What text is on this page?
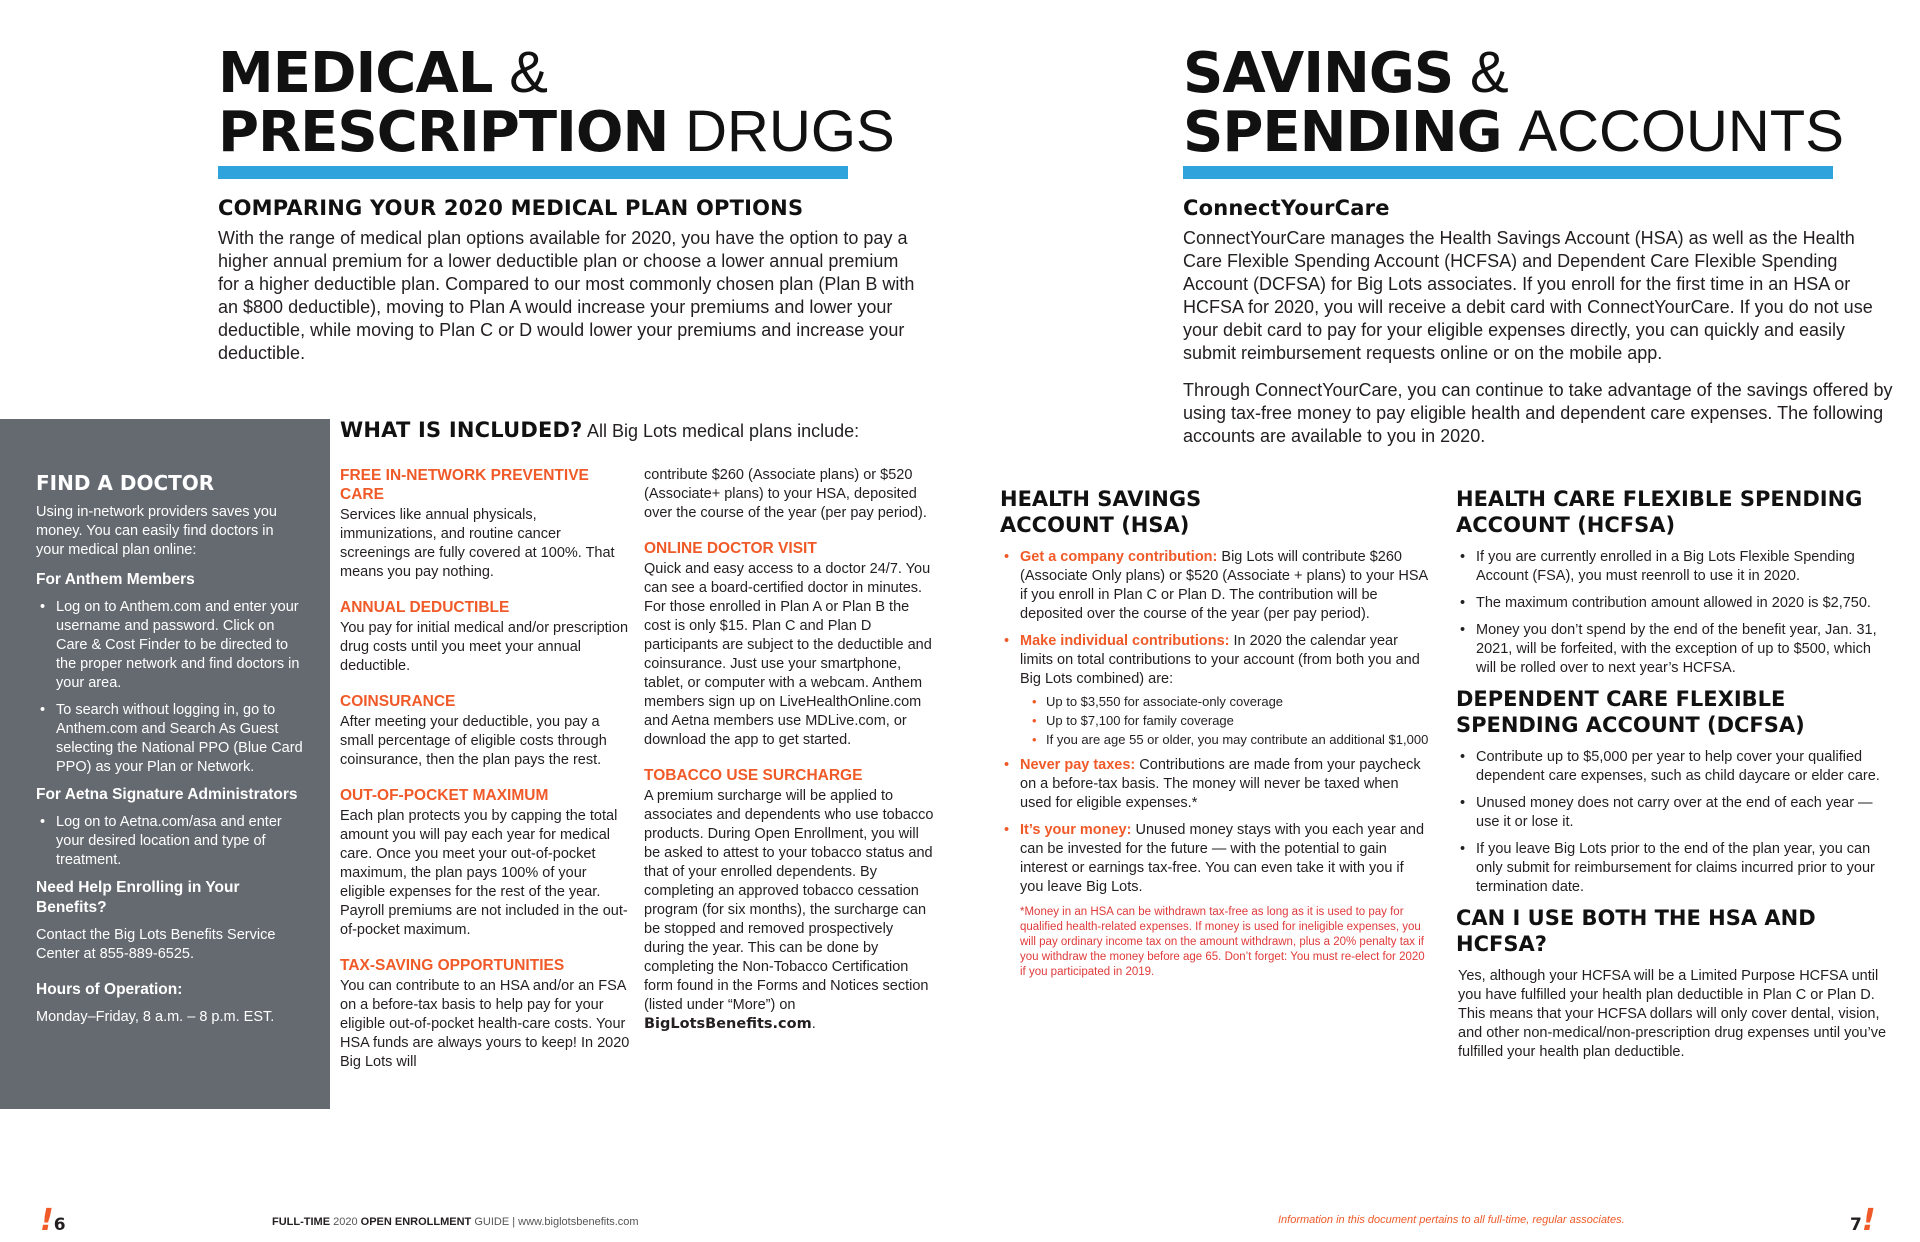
MEDICAL &
PRESCRIPTION DRUGS
COMPARING YOUR 2020 MEDICAL PLAN OPTIONS

With the range of medical plan options available for 2020, you have the option to pay a higher annual premium for a lower deductible plan or choose a lower annual premium for a higher deductible plan. Compared to our most commonly chosen plan (Plan B with an $800 deductible), moving to Plan A would increase your premiums and lower your deductible, while moving to Plan C or D would lower your premiums and increase your deductible.

FIND A DOCTOR

Using in-network providers saves you money. You can easily find doctors in your medical plan online:

For Anthem Members
• Log on to Anthem.com and enter your username and password. Click on Care & Cost Finder to be directed to the proper network and find doctors in your area.
• To search without logging in, go to Anthem.com and Search As Guest selecting the National PPO (Blue Card PPO) as your Plan or Network.
For Aetna Signature Administrators
• Log on to Aetna.com/asa and enter your desired location and type of treatment.
Need Help Enrolling in Your Benefits?

Contact the Big Lots Benefits Service Center at 855-889-6525.

Hours of Operation:

Monday–Friday, 8 a.m. – 8 p.m. EST.

WHAT IS INCLUDED? All Big Lots medical plans include:

FREE IN-NETWORK PREVENTIVE CARE

Services like annual physicals, immunizations, and routine cancer screenings are fully covered at 100%. That means you pay nothing.

ANNUAL DEDUCTIBLE

You pay for initial medical and/or prescription drug costs until you meet your annual deductible.

COINSURANCE

After meeting your deductible, you pay a small percentage of eligible costs through coinsurance, then the plan pays the rest.

OUT-OF-POCKET MAXIMUM

Each plan protects you by capping the total amount you will pay each year for medical care. Once you meet your out-of-pocket maximum, the plan pays 100% of your eligible expenses for the rest of the year. Payroll premiums are not included in the out-of-pocket maximum.

TAX-SAVING OPPORTUNITIES

You can contribute to an HSA and/or an FSA on a before-tax basis to help pay for your eligible out-of-pocket health-care costs. Your HSA funds are always yours to keep! In 2020 Big Lots will

contribute $260 (Associate plans) or $520 (Associate+ plans) to your HSA, deposited over the course of the year (per pay period).

ONLINE DOCTOR VISIT

Quick and easy access to a doctor 24/7. You can see a board-certified doctor in minutes. For those enrolled in Plan A or Plan B the cost is only $15. Plan C and Plan D participants are subject to the deductible and coinsurance. Just use your smartphone, tablet, or computer with a webcam. Anthem members sign up on LiveHealthOnline.com and Aetna members use MDLive.com, or download the app to get started.

TOBACCO USE SURCHARGE

A premium surcharge will be applied to associates and dependents who use tobacco products. During Open Enrollment, you will be asked to attest to your tobacco status and that of your enrolled dependents. By completing an approved tobacco cessation program (for six months), the surcharge can be stopped and removed prospectively during the year. This can be done by completing the Non-Tobacco Certification form found in the Forms and Notices section (listed under “More”) on BigLotsBenefits.com.

!6	FULL-TIME 2020 OPEN ENROLLMENT GUIDE | www.biglotsbenefits.com
SAVINGS &
SPENDING ACCOUNTS
ConnectYourCare

ConnectYourCare manages the Health Savings Account (HSA) as well as the Health Care Flexible Spending Account (HCFSA) and Dependent Care Flexible Spending Account (DCFSA) for Big Lots associates. If you enroll for the first time in an HSA or HCFSA for 2020, you will receive a debit card with ConnectYourCare. If you do not use your debit card to pay for your eligible expenses directly, you can quickly and easily submit reimbursement requests online or on the mobile app.

Through ConnectYourCare, you can continue to take advantage of the savings offered by using tax-free money to pay eligible health and dependent care expenses. The following accounts are available to you in 2020.

HEALTH SAVINGS ACCOUNT (HSA)
• Get a company contribution: Big Lots will contribute $260 (Associate Only plans) or $520 (Associate + plans) to your HSA if you enroll in Plan C or Plan D. The contribution will be deposited over the course of the year (per pay period).
• Make individual contributions: In 2020 the calendar year limits on total contributions to your account (from both you and Big Lots combined) are:
• Up to $3,550 for associate-only coverage
• Up to $7,100 for family coverage
• If you are age 55 or older, you may contribute an additional $1,000
• Never pay taxes: Contributions are made from your paycheck on a before-tax basis. The money will never be taxed when used for eligible expenses.*
• It’s your money: Unused money stays with you each year and can be invested for the future — with the potential to gain interest or earnings tax-free. You can even take it with you if you leave Big Lots.

*Money in an HSA can be withdrawn tax-free as long as it is used to pay for qualified health-related expenses. If money is used for ineligible expenses, you will pay ordinary income tax on the amount withdrawn, plus a 20% penalty tax if you withdraw the money before age 65. Don’t forget: You must re-elect for 2020 if you participated in 2019.

HEALTH CARE FLEXIBLE SPENDING ACCOUNT (HCFSA)
• If you are currently enrolled in a Big Lots Flexible Spending Account (FSA), you must reenroll to use it in 2020.
• The maximum contribution amount allowed in 2020 is $2,750.
• Money you don’t spend by the end of the benefit year, Jan. 31, 2021, will be forfeited, with the exception of up to $500, which will be rolled over to next year’s HCFSA.
DEPENDENT CARE FLEXIBLE SPENDING ACCOUNT (DCFSA)
• Contribute up to $5,000 per year to help cover your qualified dependent care expenses, such as child daycare or elder care.
• Unused money does not carry over at the end of each year — use it or lose it.
• If you leave Big Lots prior to the end of the plan year, you can only submit for reimbursement for claims incurred prior to your termination date.
CAN I USE BOTH THE HSA AND HCFSA?

Yes, although your HCFSA will be a Limited Purpose HCFSA until you have fulfilled your health plan deductible in Plan C or Plan D. This means that your HCFSA dollars will only cover dental, vision, and other non-medical/non-prescription drug expenses until you’ve fulfilled your health plan deductible.

Information in this document pertains to all full-time, regular associates.	7!
